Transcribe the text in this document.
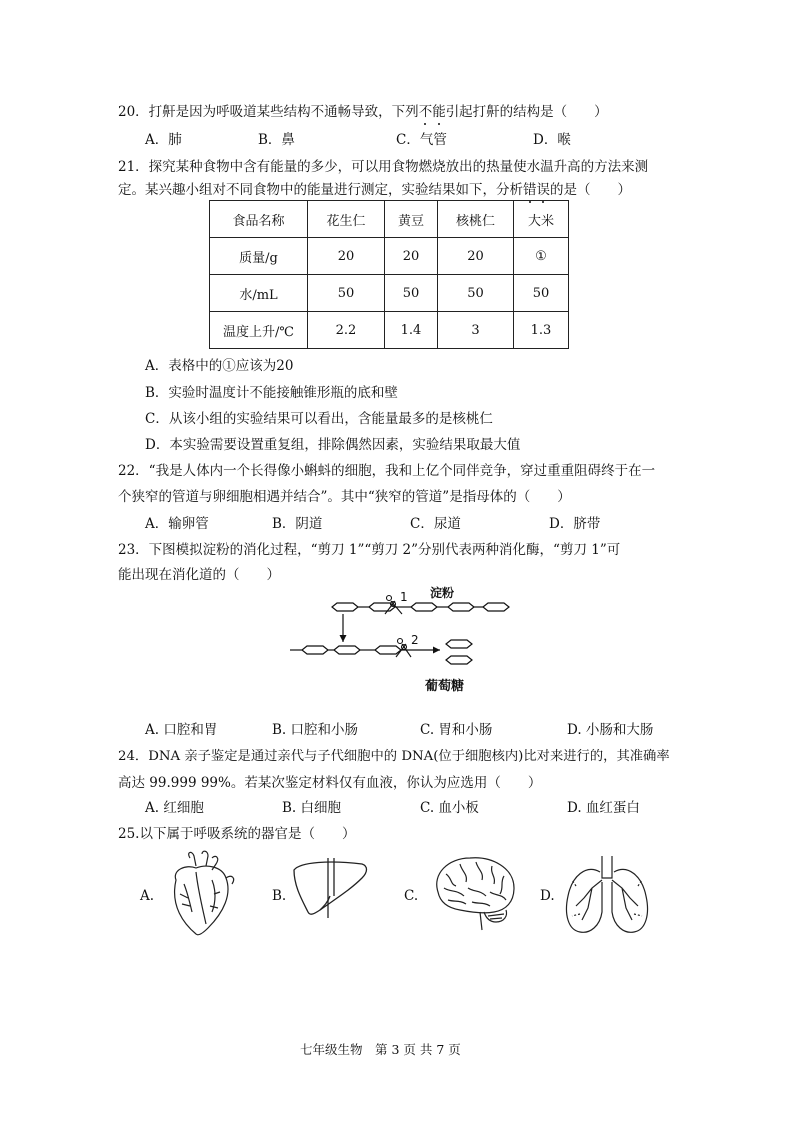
20．打鼾是因为呼吸道某些结构不通畅导致，下列不能引起打鼾的结构是（　　）
A．肺	B．鼻	C．气管	D．喉
21．探究某种食物中含有能量的多少，可以用食物燃烧放出的热量使水温升高的方法来测
定。某兴趣小组对不同食物中的能量进行测定，实验结果如下，分析错误的是（　　）
食品名称	花生仁	黄豆	核桃仁	大米
质量/g	20	20	20	①
水/mL	50	50	50	50
温度上升/℃	2.2	1.4	3	1.3
A．表格中的①应该为20
B．实验时温度计不能接触锥形瓶的底和壁
C．从该小组的实验结果可以看出，含能量最多的是核桃仁
D．本实验需要设置重复组，排除偶然因素，实验结果取最大值
22．“我是人体内一个长得像小蝌蚪的细胞，我和上亿个同伴竞争，穿过重重阻碍终于在一
个狭窄的管道与卵细胞相遇并结合”。其中“狭窄的管道”是指母体的（　　）
A．输卵管	B．阴道	C．尿道	D．脐带
23．下图模拟淀粉的消化过程，“剪刀 1”“剪刀 2”分别代表两种消化酶，“剪刀 1”可
能出现在消化道的（　　）
1 淀粉
2
葡萄糖
A. 口腔和胃	B. 口腔和小肠	C. 胃和小肠	D. 小肠和大肠
24．DNA 亲子鉴定是通过亲代与子代细胞中的 DNA(位于细胞核内)比对来进行的，其准确率
高达 99.999 99%。若某次鉴定材料仅有血液，你认为应选用（　　）
A. 红细胞	B. 白细胞	C. 血小板	D. 血红蛋白
25.以下属于呼吸系统的器官是（　　）
A.	B.	C.	D.
七年级生物　第 3 页 共 7 页
